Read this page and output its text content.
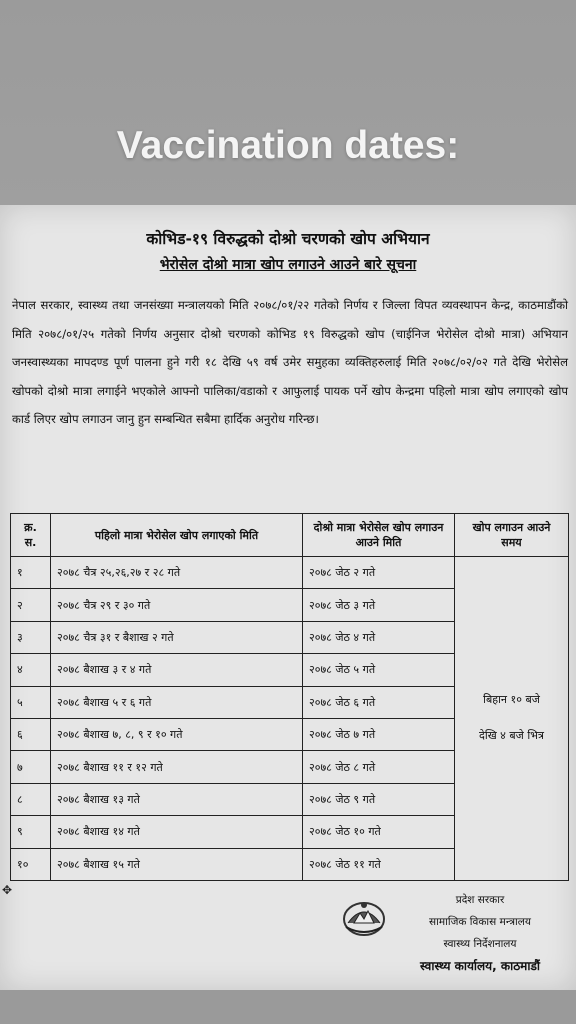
Vaccination dates:
कोभिड-१९ विरुद्धको दोश्रो चरणको खोप अभियान
भेरोसेल दोश्रो मात्रा खोप लगाउने आउने बारे सूचना
नेपाल सरकार, स्वास्थ्य तथा जनसंख्या मन्त्रालयको मिति २०७८/०१/२२ गतेको निर्णय र जिल्ला विपत व्यवस्थापन केन्द्र, काठमाडौंको मिति २०७८/०१/२५ गतेको निर्णय अनुसार दोश्रो चरणको कोभिड १९ विरुद्धको खोप (चाईनिज भेरोसेल दोश्रो मात्रा) अभियान जनस्वास्थ्यका मापदण्ड पूर्ण पालना हुने गरी १८ देखि ५९ वर्ष उमेर समुहका व्यक्तिहरुलाई मिति २०७८/०२/०२ गते देखि भेरोसेल खोपको दोश्रो मात्रा लगाईने भएकोले आफ्नो पालिका/वडाको र आफुलाई पायक पर्ने खोप केन्द्रमा पहिलो मात्रा खोप लगाएको खोप कार्ड लिएर खोप लगाउन जानु हुन सम्बन्धित सबैमा हार्दिक अनुरोध गरिन्छ।
क्र. स.	पहिलो मात्रा भेरोसेल खोप लगाएको मिति	दोश्रो मात्रा भेरोसेल खोप लगाउन आउने मिति	खोप लगाउन आउने समय
१	२०७८ चैत्र २५,२६,२७ र २८ गते	२०७८ जेठ २ गते	बिहान १० बजे
देखि ४ बजे भित्र

२	२०७८ चैत्र २९ र ३० गते	२०७८ जेठ ३ गते	
३	२०७८ चैत्र ३१ र बैशाख २ गते	२०७८ जेठ ४ गते	
४	२०७८ बैशाख ३ र ४ गते	२०७८ जेठ ५ गते	
५	२०७८ बैशाख ५ र ६ गते	२०७८ जेठ ६ गते	
६	२०७८ बैशाख ७, ८, ९ र १० गते	२०७८ जेठ ७ गते	
७	२०७८ बैशाख ११ र १२ गते	२०७८ जेठ ८ गते	
८	२०७८ बैशाख १३ गते	२०७८ जेठ ९ गते	
९	२०७८ बैशाख १४ गते	२०७८ जेठ १० गते	
१०	२०७८ बैशाख १५ गते	२०७८ जेठ ११ गते	
✥
प्रदेश सरकार
सामाजिक विकास मन्त्रालय
स्वास्थ्य निर्देशनालय
स्वास्थ्य कार्यालय, काठमाडौं
